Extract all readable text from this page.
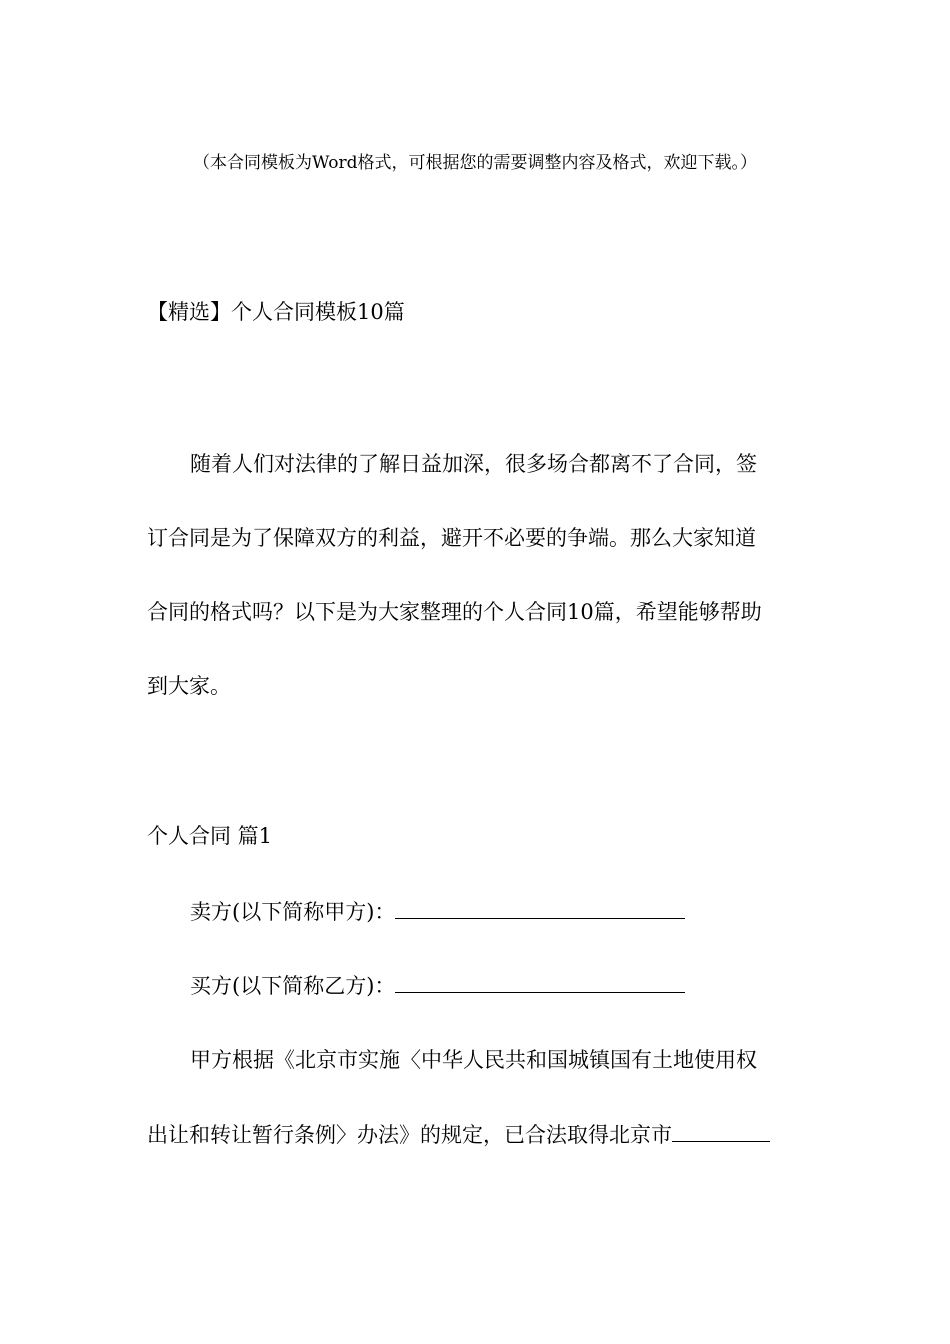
（本合同模板为Word格式，可根据您的需要调整内容及格式，欢迎下载。）
【精选】个人合同模板10篇
随着人们对法律的了解日益加深，很多场合都离不了合同，签
订合同是为了保障双方的利益，避开不必要的争端。那么大家知道
合同的格式吗？以下是为大家整理的个人合同10篇，希望能够帮助
到大家。
个人合同 篇1
卖方(以下简称甲方)：
买方(以下简称乙方)：
甲方根据《北京市实施〈中华人民共和国城镇国有土地使用权
出让和转让暂行条例〉办法》的规定，已合法取得北京市
